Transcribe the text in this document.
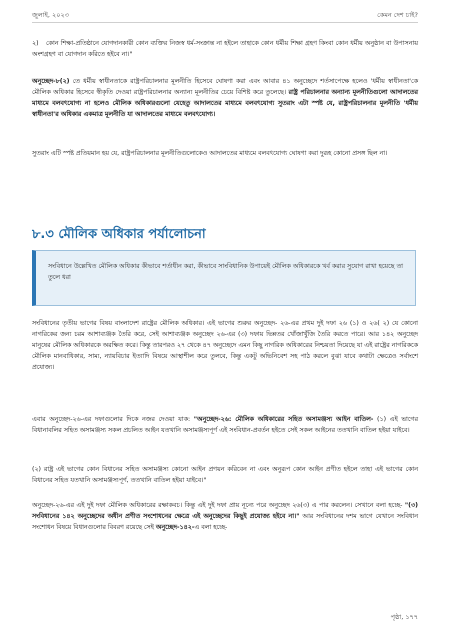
জুলাই, ২০২৩	কেমন দেশ চাই?

২) কোন শিক্ষা-প্রতিষ্ঠানে যোগদানকারী কোন ব্যক্তির নিজস্ব ধর্ম-সংক্রান্ত না হইলে তাহাকে কোন ধর্মীয় শিক্ষা গ্রহণ কিংবা কোন ধর্মীয় অনুষ্ঠান বা উপাসনায় অংশগ্রহণ বা যোগদান করিতে হইবে না।"

অনুচ্ছেদ-৮(২) তে ধর্মীয় স্বাধীনতাকে রাষ্ট্রপরিচালনার মূলনীতি হিসেবে ঘোষণা করা এবং আবার ৪১ অনুচ্ছেদে শর্তসাপেক্ষে হলেও 'ধর্মীয় স্বাধীনতা'কে মৌলিক অধিকার হিসেবে স্বীকৃতি দেওয়া রাষ্ট্রপরিচালনার অন্যান্য মূলনীতির চেয়ে বিশিষ্ট করে তুলেছে। রাষ্ট্র পরিচালনার অন্যান্য মূলনীতিগুলো আদালতের মাধ্যমে বলবৎযোগ্য না হলেও মৌলিক অধিকারগুলো যেহেতু আদালতের মাধ্যমে বলবৎযোগ্য সুতরাং এটা স্পষ্ট যে, রাষ্ট্রপরিচালনার মূলনীতি 'ধর্মীয় স্বাধীনতা'র অধিকার একমাত্র মূলনীতি যা আদালতের মাধ্যমে বলবৎযোগ্য।

সুতরাং এটি স্পষ্ট প্রতিয়মান হয় যে, রাষ্ট্রপরিচালনার মূলনীতিগুলোকেও আদালতের মাধ্যমে বলবৎযোগ্য ঘোষণা করা দুরূহ কোনো প্রসঙ্গ ছিল না।

৮.৩ মৌলিক অধিকার পর্যালোচনা
সংবিধানে উল্লেখিত মৌলিক অধিকার কীভাবে শর্তাধীন করা, কীভাবে সাংবিধানিক উপায়েই মৌলিক অধিকারকে খর্ব করার সুযোগ রাখা হয়েছে তা তুলে ধরা

সংবিধানের তৃতীয় ভাগের বিষয় বাংলাদেশ রাষ্ট্রের মৌলিক অধিকার। এই ভাগের শুরুর অনুচ্ছেদ- ২৬-এর প্রথম দুই দফা ২৬ (১) ও ২৬( ২) যে কোনো নাগরিকের জন্য চরম আশাব্যঞ্জক তৈরি করে, সেই আশাব্যঞ্জক অনুচ্ছেদ ২৬-এর (৩) দফায় ভিন্নতর খোঁজাখুঁজি তৈরি করতে পারে। আর ১৪২ অনুচ্ছেদ মানুষের মৌলিক অধিকারকে অরক্ষিত করে। কিন্তু তারপরও ২৭ থেকে ৪৭ অনুচ্ছেদে এমন কিছু নাগরিক অধিকারের নিশ্চয়তা দিয়েছে যা এই রাষ্ট্রের নাগরিককে মৌলিক মানবাধিকার, সাম্য, ন্যায়বিচার ইত্যাদি বিষয়ে আস্থাশীল করে তুলবে, কিন্তু একটু অভিনিবেশ সহ পাঠ করলে বুঝা যাবে কথাটা ক্ষেত্রেও সর্বাংশে প্রযোজ্য।

এবার অনুচ্ছেদ-২৬-এর দফাগুলোর দিকে নজর দেওয়া যাক: "অনুচ্ছেদ-২৬: মৌলিক অধিকারের সহিত অসামঞ্জস্য আইন বাতিল- (১) এই ভাগের বিধানাবলির সহিত অসামঞ্জস্য সকল প্রচলিত আইন যতখানি অসামঞ্জস্যপূর্ণ এই সংবিধান-প্রবর্তন হইতে সেই সকল আইনের ততখানি বাতিল হইয়া যাইবে।

(২) রাষ্ট্র এই ভাগের কোন বিধানের সহিত অসামঞ্জস্য কোনো আইন প্রণয়ন করিবেন না এবং অনুরূপ কোন আইন প্রণীত হইলে তাহা এই ভাগের কোন বিধানের সহিত যতখানি অসামঞ্জস্যপূর্ণ, ততখানি বাতিল হইয়া যাইবে।"

অনুচ্ছেদ-২৬-এর এই দুই দফা মৌলিক অধিকারের রক্ষাকবচ। কিন্তু এই দুই দফা প্রায় নূন্যে পরে অনুচ্ছেদ ২৬(৩) এ পার করলেন। সেখানে বলা হচ্ছে- "(৩) সংবিধানের ১৪২ অনুচ্ছেদের অধীন প্রণীত সংশোধনের ক্ষেত্রে এই অনুচ্ছেদের কিছুই প্রযোজ্য হইবে না।" আর সংবিধানের দশম ভাগে যেখানে সংবিধান সংশোধন বিষয়ে বিধানগুলোর বিবরণ রয়েছে সেই অনুচ্ছেদ-১৪২-এ বলা হচ্ছে-

পৃষ্ঠা, ১৭৭
